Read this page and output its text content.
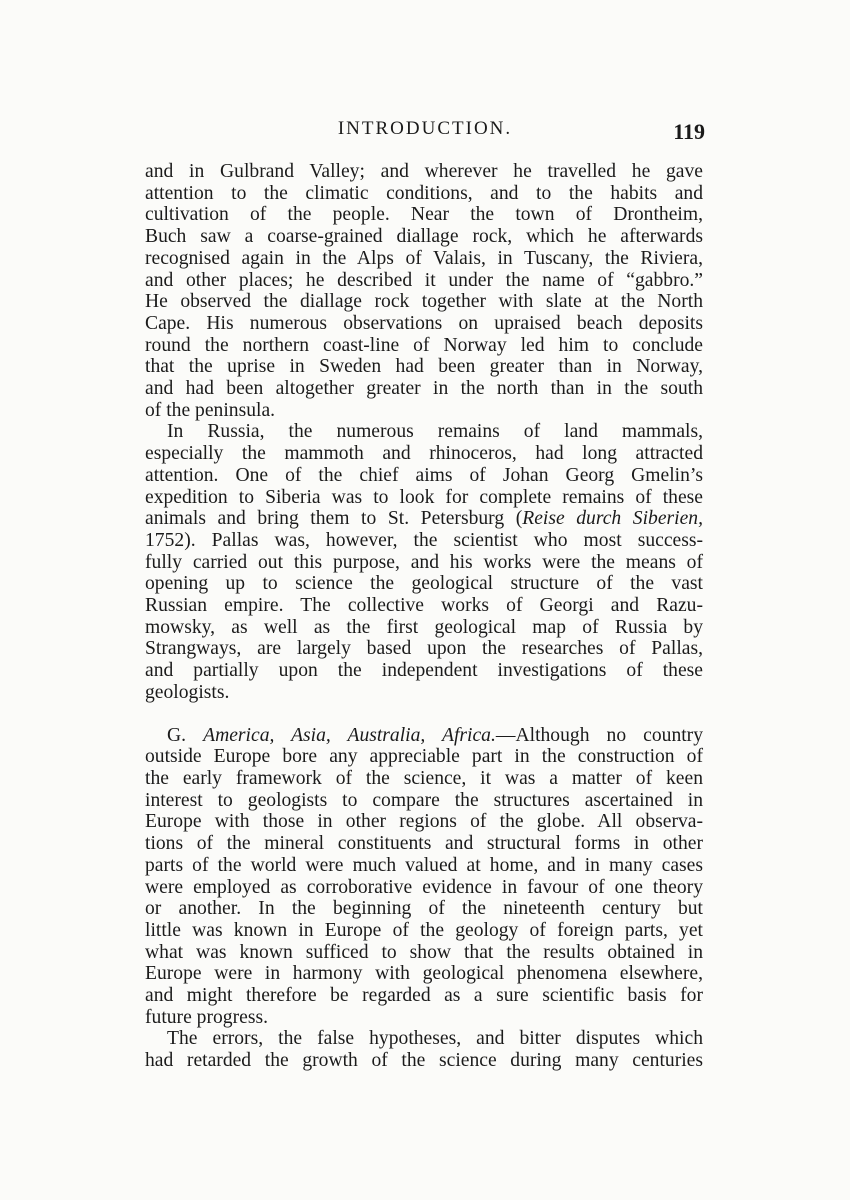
INTRODUCTION.	119

and in Gulbrand Valley; and wherever he travelled he gave
attention to the climatic conditions, and to the habits and
cultivation of the people. Near the town of Drontheim,
Buch saw a coarse-grained diallage rock, which he afterwards
recognised again in the Alps of Valais, in Tuscany, the Riviera,
and other places; he described it under the name of “gabbro.”
He observed the diallage rock together with slate at the North
Cape. His numerous observations on upraised beach deposits
round the northern coast-line of Norway led him to conclude
that the uprise in Sweden had been greater than in Norway,
and had been altogether greater in the north than in the south
of the peninsula.

In Russia, the numerous remains of land mammals,
especially the mammoth and rhinoceros, had long attracted
attention. One of the chief aims of Johan Georg Gmelin’s
expedition to Siberia was to look for complete remains of these
animals and bring them to St. Petersburg (Reise durch Siberien,
1752). Pallas was, however, the scientist who most success-
fully carried out this purpose, and his works were the means of
opening up to science the geological structure of the vast
Russian empire. The collective works of Georgi and Razu-
mowsky, as well as the first geological map of Russia by
Strangways, are largely based upon the researches of Pallas,
and partially upon the independent investigations of these
geologists.

G. America, Asia, Australia, Africa.—Although no country
outside Europe bore any appreciable part in the construction of
the early framework of the science, it was a matter of keen
interest to geologists to compare the structures ascertained in
Europe with those in other regions of the globe. All observa-
tions of the mineral constituents and structural forms in other
parts of the world were much valued at home, and in many cases
were employed as corroborative evidence in favour of one theory
or another. In the beginning of the nineteenth century but
little was known in Europe of the geology of foreign parts, yet
what was known sufficed to show that the results obtained in
Europe were in harmony with geological phenomena elsewhere,
and might therefore be regarded as a sure scientific basis for
future progress.

The errors, the false hypotheses, and bitter disputes which
had retarded the growth of the science during many centuries
